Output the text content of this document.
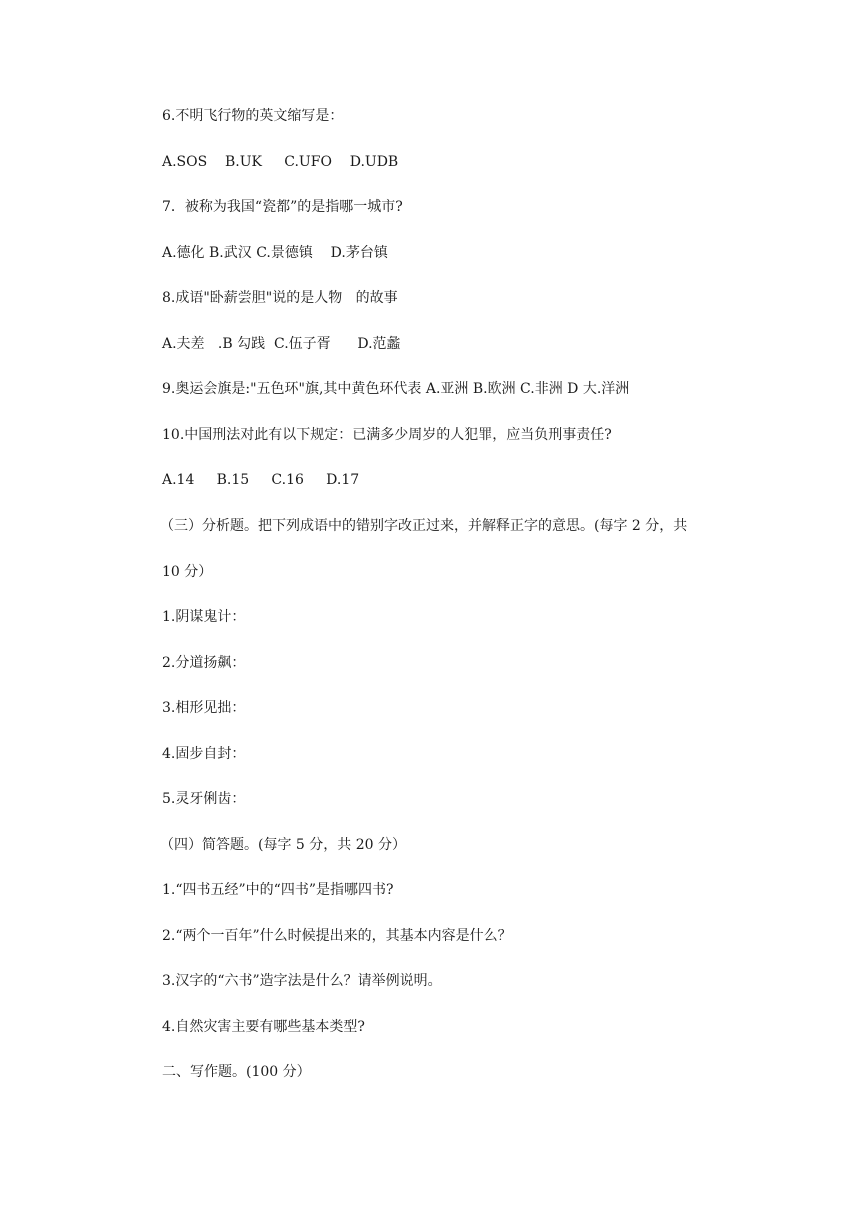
6.不明飞行物的英文缩写是：

A.SOS    B.UK     C.UFO    D.UDB

7．被称为我国“瓷都”的是指哪一城市?

A.德化 B.武汉 C.景德镇    D.茅台镇

8.成语"卧薪尝胆"说的是人物   的故事

A.夫差   .B 勾践  C.伍子胥      D.范蠡

9.奥运会旗是:"五色环"旗,其中黄色环代表 A.亚洲 B.欧洲 C.非洲 D 大.洋洲

10.中国刑法对此有以下规定：已满多少周岁的人犯罪，应当负刑事责任?

A.14     B.15     C.16     D.17

（三）分析题。把下列成语中的错别字改正过来，并解释正字的意思。(每字 2 分，共

10 分）

1.阴谋鬼计：

2.分道扬飙：

3.相形见拙：

4.固步自封：

5.灵牙俐齿：

（四）简答题。(每字 5 分，共 20 分）

1.“四书五经”中的“四书”是指哪四书?

2.“两个一百年”什么时候提出来的，其基本内容是什么？

3.汉字的“六书”造字法是什么？请举例说明。

4.自然灾害主要有哪些基本类型?

二、写作题。(100 分）
